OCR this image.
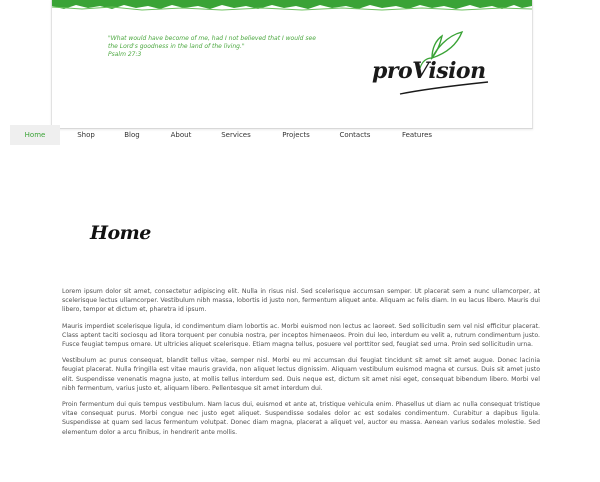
"What would have become of me, had I not believed that I would see
the Lord's goodness in the land of the living."
Psalm 27:3
proVision
Home	Shop	Blog	About	Services	Projects	Contacts	Features
Home

Lorem ipsum dolor sit amet, consectetur adipiscing elit. Nulla in risus nisl. Sed scelerisque accumsan semper. Ut placerat sem a nunc ullamcorper, at scelerisque lectus ullamcorper. Vestibulum nibh massa, lobortis id justo non, fermentum aliquet ante. Aliquam ac felis diam. In eu lacus libero. Mauris dui libero, tempor et dictum et, pharetra id ipsum.

Mauris imperdiet scelerisque ligula, id condimentum diam lobortis ac. Morbi euismod non lectus ac laoreet. Sed sollicitudin sem vel nisl efficitur placerat. Class aptent taciti sociosqu ad litora torquent per conubia nostra, per inceptos himenaeos. Proin dui leo, interdum eu velit a, rutrum condimentum justo. Fusce feugiat tempus ornare. Ut ultricies aliquet scelerisque. Etiam magna tellus, posuere vel porttitor sed, feugiat sed urna. Proin sed sollicitudin urna.

Vestibulum ac purus consequat, blandit tellus vitae, semper nisl. Morbi eu mi accumsan dui feugiat tincidunt sit amet sit amet augue. Donec lacinia feugiat placerat. Nulla fringilla est vitae mauris gravida, non aliquet lectus dignissim. Aliquam vestibulum euismod magna et cursus. Duis sit amet justo elit. Suspendisse venenatis magna justo, at mollis tellus interdum sed. Duis neque est, dictum sit amet nisi eget, consequat bibendum libero. Morbi vel nibh fermentum, varius justo et, aliquam libero. Pellentesque sit amet interdum dui.

Proin fermentum dui quis tempus vestibulum. Nam lacus dui, euismod et ante at, tristique vehicula enim. Phasellus ut diam ac nulla consequat tristique vitae consequat purus. Morbi congue nec justo eget aliquet. Suspendisse sodales dolor ac est sodales condimentum. Curabitur a dapibus ligula. Suspendisse at quam sed lacus fermentum volutpat. Donec diam magna, placerat a aliquet vel, auctor eu massa. Aenean varius sodales molestie. Sed elementum dolor a arcu finibus, in hendrerit ante mollis.
